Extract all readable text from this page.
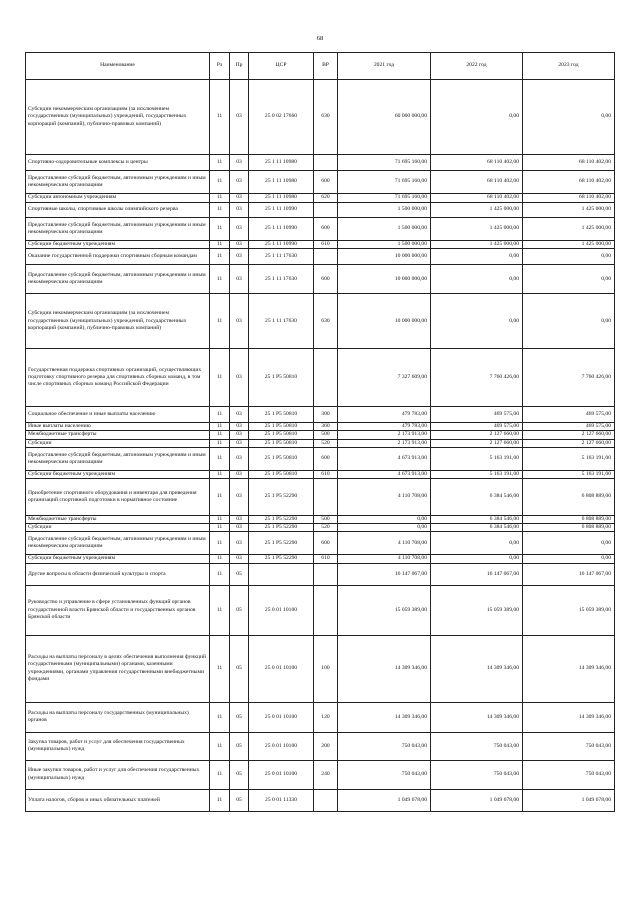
68
Наименование	Рз	Пр	ЦСР	ВР	2021 год	2022 год	2023 год
Субсидии некоммерческим организациям (за исключением государственных (муниципальных) учреждений, государственных корпораций (компаний), публично-правовых компаний)	11	03	25 0 02 17660	630	60 000 000,00	0,00	0,00
Спортивно-оздоровительные комплексы и центры	11	03	25 1 11 10980		71 695 160,00	68 110 402,00	68 110 402,00
Предоставление субсидий бюджетным, автономным учреждениям и иным некоммерческим организациям	11	03	25 1 11 10980	600	71 695 160,00	68 110 402,00	68 110 402,00
Субсидии автономным учреждениям	11	03	25 1 11 10980	620	71 695 160,00	68 110 402,00	68 110 402,00
Спортивные школы, спортивные школы олимпийского резерва	11	03	25 1 11 10990		1 500 000,00	1 425 000,00	1 425 000,00
Предоставление субсидий бюджетным, автономным учреждениям и иным некоммерческим организациям	11	03	25 1 11 10990	600	1 500 000,00	1 425 000,00	1 425 000,00
Субсидии бюджетным учреждениям	11	03	25 1 11 10990	610	1 500 000,00	1 425 000,00	1 425 000,00
Оказание государственной поддержки спортивным сборным командам	11	03	25 1 11 17630		10 000 000,00	0,00	0,00
Предоставление субсидий бюджетным, автономным учреждениям и иным некоммерческим организациям	11	03	25 1 11 17630	600	10 000 000,00	0,00	0,00
Субсидии некоммерческим организациям (за исключением государственных (муниципальных) учреждений, государственных корпораций (компаний), публично-правовых компаний)	11	03	25 1 11 17630	630	10 000 000,00	0,00	0,00
Государственная поддержка спортивных организаций, осуществляющих подготовку спортивного резерва для спортивных сборных команд, в том числе спортивных сборных команд Российской Федерации	11	03	25 1 P5 50810		7 327 609,00	7 760 426,00	7 760 426,00
Социальное обеспечение и иные выплаты населению	11	03	25 1 P5 50810	300	479 783,00	469 575,00	469 575,00
Иные выплаты населению	11	03	25 1 P5 50810	360	479 783,00	469 575,00	469 575,00
Межбюджетные трансферты	11	03	25 1 P5 50810	500	2 173 913,00	2 127 660,00	2 127 660,00
Субсидии	11	03	25 1 P5 50810	520	2 173 913,00	2 127 660,00	2 127 660,00
Предоставление субсидий бюджетным, автономным учреждениям и иным некоммерческим организациям	11	03	25 1 P5 50810	600	4 673 913,00	5 163 191,00	5 163 191,00
Субсидии бюджетным учреждениям	11	03	25 1 P5 50810	610	4 673 913,00	5 163 191,00	5 163 191,00
Приобретение спортивного оборудования и инвентаря для приведения организаций спортивной подготовки в нормативное состояние	11	03	25 1 P5 52290		4 110 708,00	6 384 546,00	6 808 889,00
Межбюджетные трансферты	11	03	25 1 P5 52290	500	0,00	6 384 546,00	6 808 889,00
Субсидии	11	03	25 1 P5 52290	520	0,00	6 384 546,00	6 808 889,00
Предоставление субсидий бюджетным, автономным учреждениям и иным некоммерческим организациям	11	03	25 1 P5 52290	600	4 110 708,00	0,00	0,00
Субсидии бюджетным учреждениям	11	03	25 1 P5 52290	610	4 110 708,00	0,00	0,00
Другие вопросы в области физической культуры и спорта	11	05			16 147 067,00	16 147 067,00	16 147 067,00
Руководство и управление в сфере установленных функций органов государственной власти Брянской области и государственных органов Брянской области	11	05	25 0 01 10100		15 059 389,00	15 059 389,00	15 059 389,00
Расходы на выплаты персоналу в целях обеспечения выполнения функций государственными (муниципальными) органами, казенными учреждениями, органами управления государственными внебюджетными фондами	11	05	25 0 01 10100	100	14 309 346,00	14 309 346,00	14 309 346,00
Расходы на выплаты персоналу государственных (муниципальных) органов	11	05	25 0 01 10100	120	14 309 346,00	14 309 346,00	14 309 346,00
Закупка товаров, работ и услуг для обеспечения государственных (муниципальных) нужд	11	05	25 0 01 10100	200	750 043,00	750 043,00	750 043,00
Иные закупки товаров, работ и услуг для обеспечения государственных (муниципальных) нужд	11	05	25 0 01 10100	240	750 043,00	750 043,00	750 043,00
Уплата налогов, сборов и иных обязательных платежей	11	05	25 0 01 11330		1 049 678,00	1 049 678,00	1 049 678,00
